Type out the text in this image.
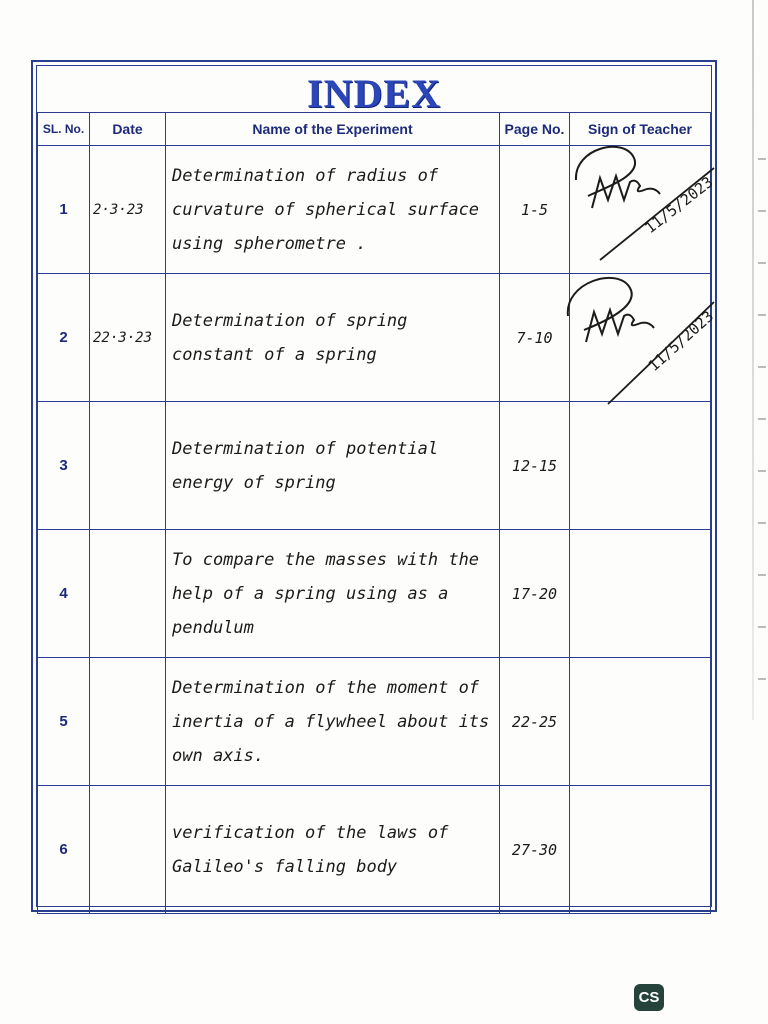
INDEX
SL. No.	Date	Name of the Experiment	Page No.	Sign of Teacher
1	2·3·23	Determination of radius of curvature of spherical surface using spherometre .	1-5	11/5/2023

2	22·3·23	Determination of spring constant of a spring	7-10	11/5/2023

3		Determination of potential energy of spring	12-15	
4		To compare the masses with the help of a spring using as a pendulum	17-20	
5		Determination of the moment of inertia of a flywheel about its own axis.	22-25	
6		verification of the laws of Galileo's falling body	27-30	
CS
